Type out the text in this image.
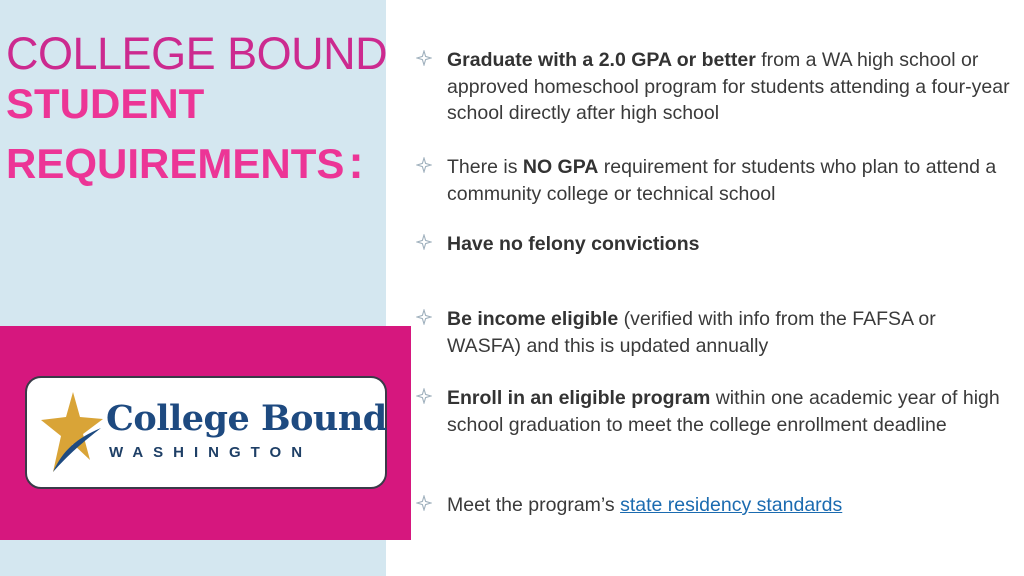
COLLEGE BOUND
STUDENT
REQUIREMENTS:
College Bound
WASHINGTON
Graduate with a 2.0 GPA or better from a WA high school or approved homeschool program for students attending a four-year school directly after high school
There is NO GPA requirement for students who plan to attend a community college or technical school
Have no felony convictions
Be income eligible (verified with info from the FAFSA or WASFA) and this is updated annually
Enroll in an eligible program within one academic year of high school graduation to meet the college enrollment deadline
Meet the program’s state residency standards
